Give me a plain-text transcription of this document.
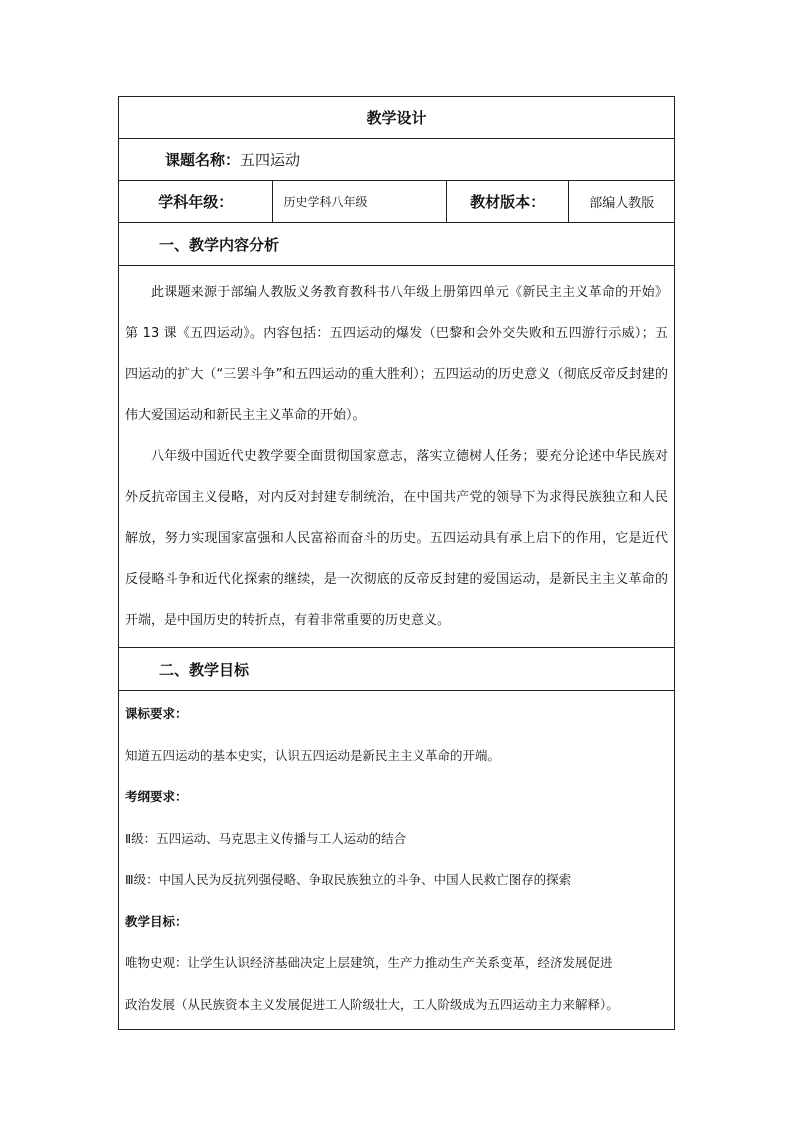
教学设计
课题名称： 五四运动
学科年级：	历史学科八年级	教材版本：	部编人教版
一、教学内容分析

此课题来源于部编人教版义务教育教科书八年级上册第四单元《新民主主义革命的开始》第 13 课《五四运动》。内容包括：五四运动的爆发（巴黎和会外交失败和五四游行示威）；五四运动的扩大（“三罢斗争”和五四运动的重大胜利）；五四运动的历史意义（彻底反帝反封建的伟大爱国运动和新民主主义革命的开始）。

八年级中国近代史教学要全面贯彻国家意志，落实立德树人任务；要充分论述中华民族对外反抗帝国主义侵略，对内反对封建专制统治，在中国共产党的领导下为求得民族独立和人民解放，努力实现国家富强和人民富裕而奋斗的历史。五四运动具有承上启下的作用，它是近代反侵略斗争和近代化探索的继续，是一次彻底的反帝反封建的爱国运动，是新民主主义革命的开端，是中国历史的转折点，有着非常重要的历史意义。

二、教学目标

课标要求：

知道五四运动的基本史实，认识五四运动是新民主主义革命的开端。

考纲要求：

Ⅱ级：五四运动、马克思主义传播与工人运动的结合

Ⅲ级：中国人民为反抗列强侵略、争取民族独立的斗争、中国人民救亡图存的探索

教学目标：

唯物史观：让学生认识经济基础决定上层建筑，生产力推动生产关系变革，经济发展促进

政治发展（从民族资本主义发展促进工人阶级壮大，工人阶级成为五四运动主力来解释）。
